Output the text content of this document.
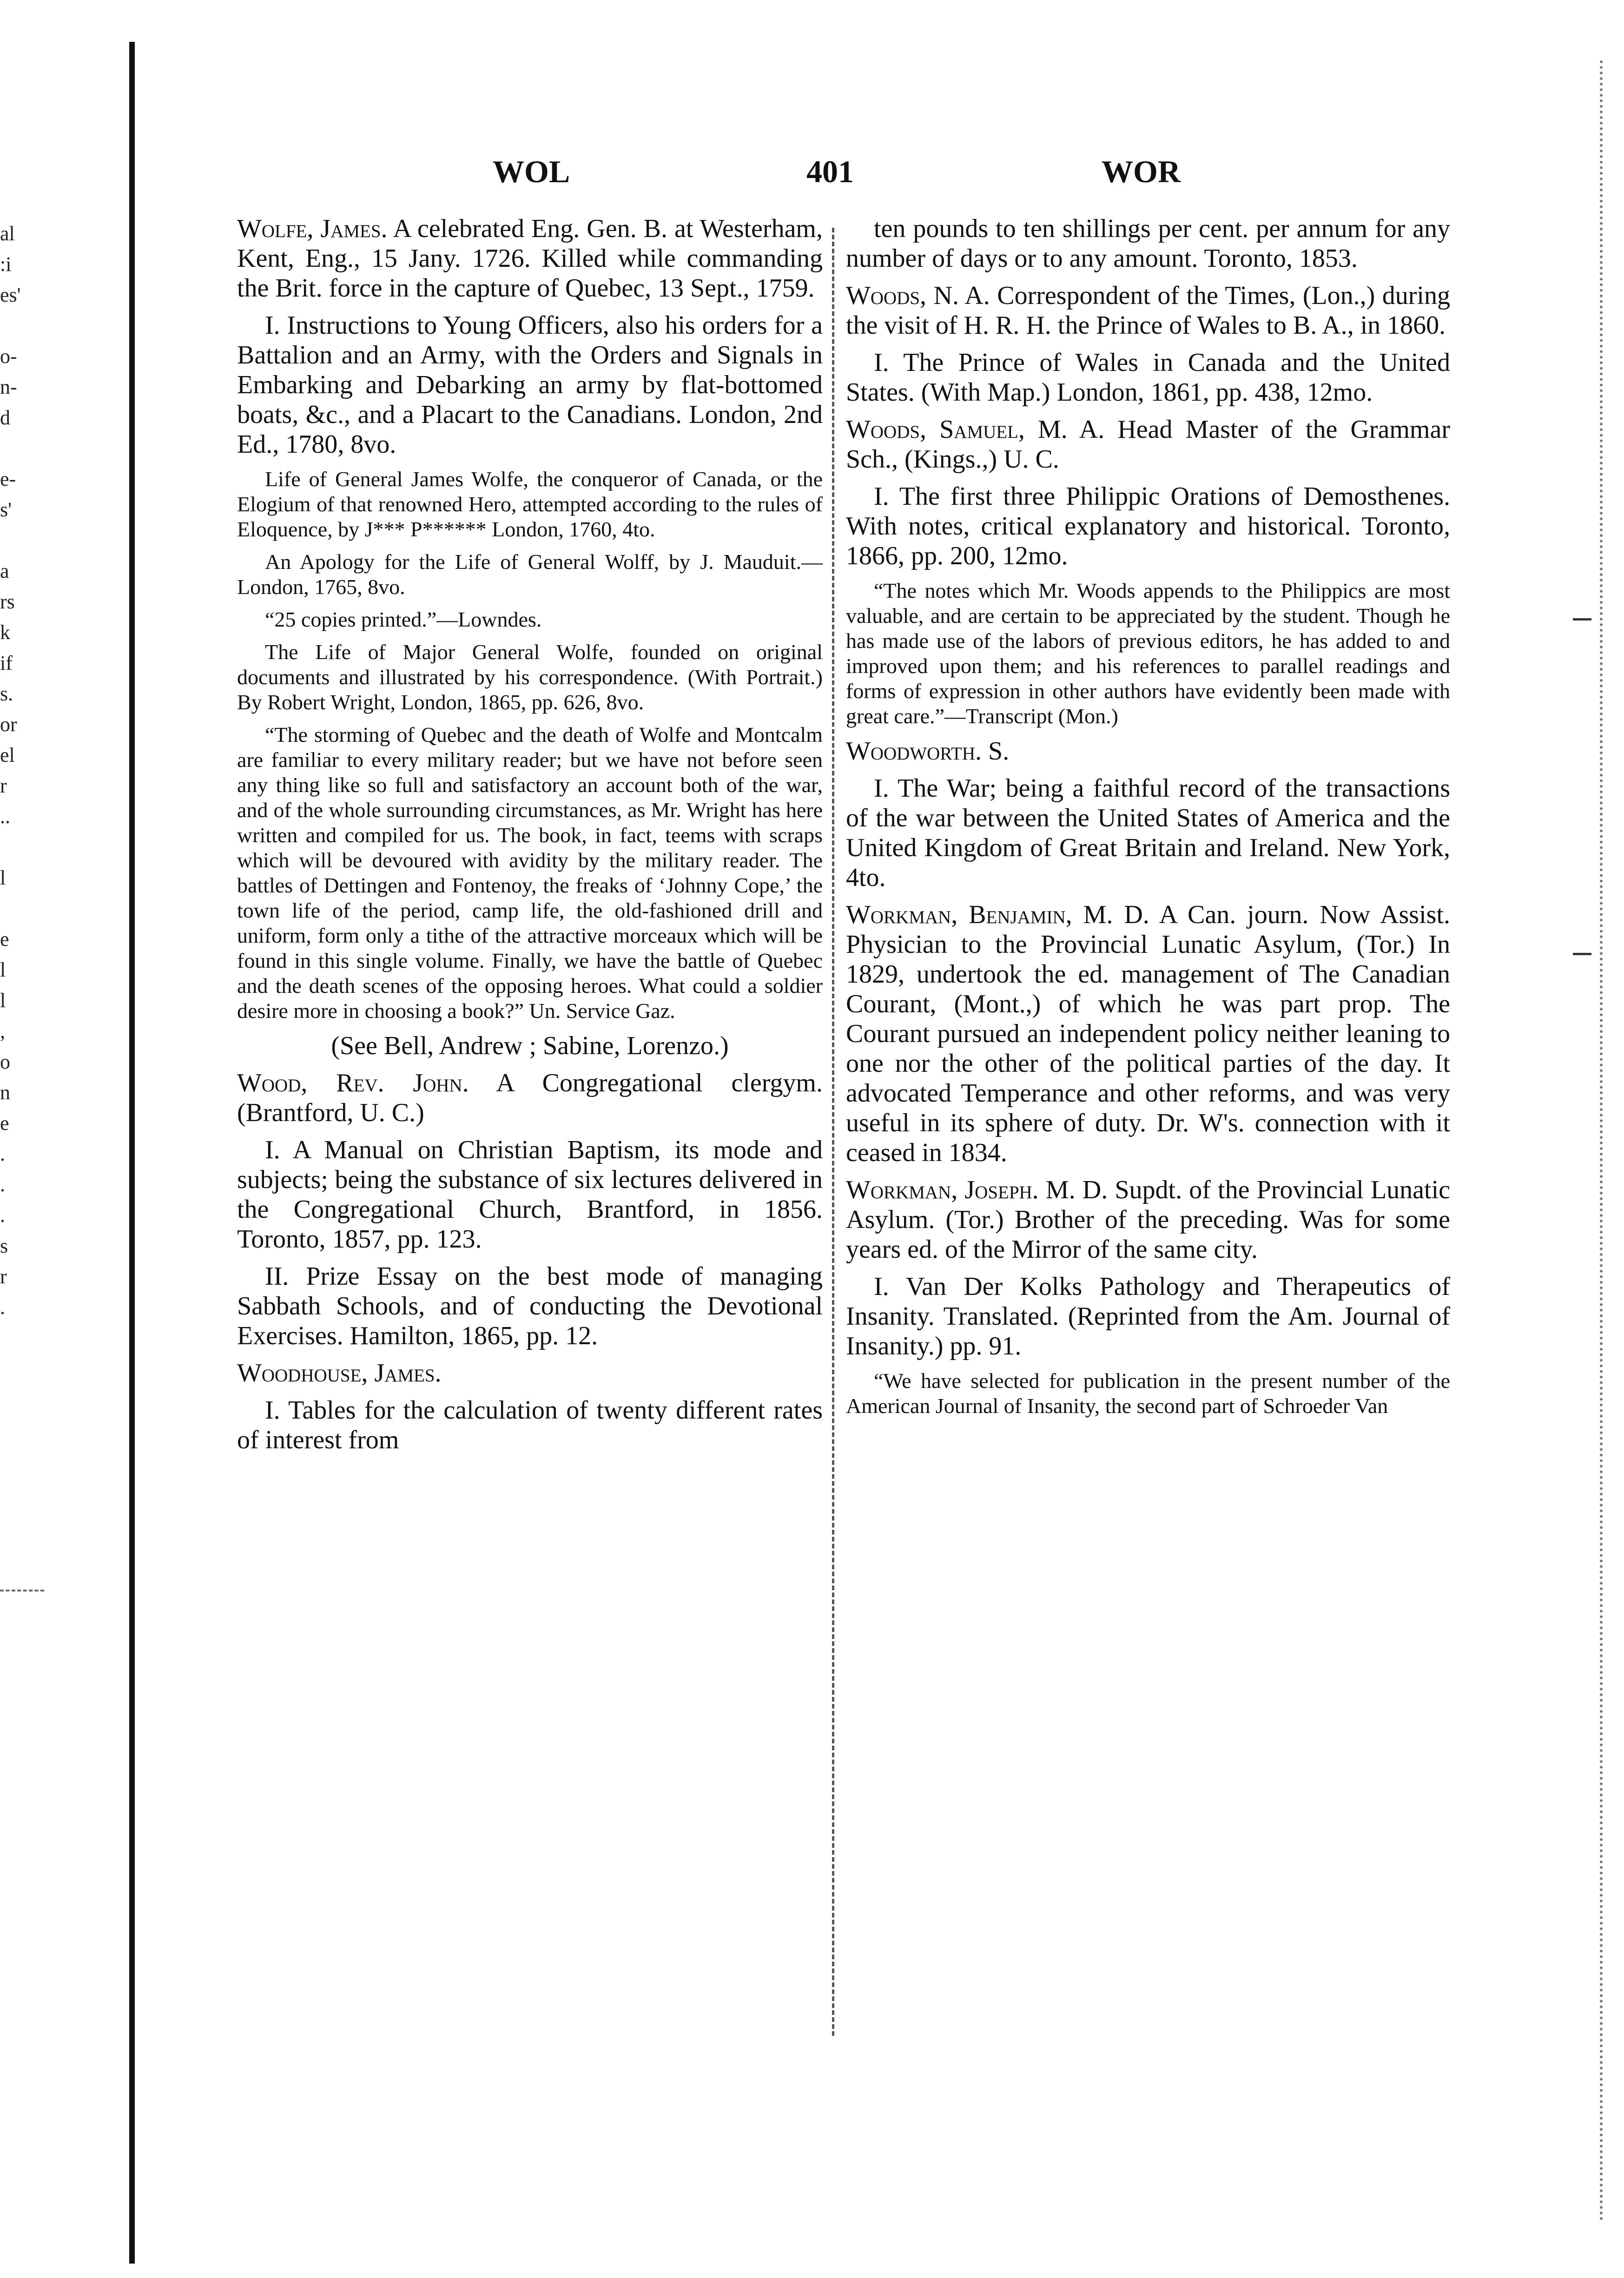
al
:i
es'

o-
n-
d

e-
s'

a
rs
k
if
s.
or
el
r
..

l

e
l
l
,
o
n
e
.
.
.
s
r
.
WOL	401	WOR

Wolfe, James. A celebrated Eng. Gen. B. at Westerham, Kent, Eng., 15 Jany. 1726. Killed while commanding the Brit. force in the capture of Quebec, 13 Sept., 1759.

I. Instructions to Young Officers, also his orders for a Battalion and an Army, with the Orders and Signals in Embarking and Debarking an army by flat-bottomed boats, &c., and a Placart to the Canadians. London, 2nd Ed., 1780, 8vo.

Life of General James Wolfe, the conqueror of Canada, or the Elogium of that renowned Hero, attempted according to the rules of Eloquence, by J*** P****** London, 1760, 4to.

An Apology for the Life of General Wolff, by J. Mauduit.—London, 1765, 8vo.

“25 copies printed.”—Lowndes.

The Life of Major General Wolfe, founded on original documents and illustrated by his correspondence. (With Portrait.) By Robert Wright, London, 1865, pp. 626, 8vo.

“The storming of Quebec and the death of Wolfe and Montcalm are familiar to every military reader; but we have not before seen any thing like so full and satisfactory an account both of the war, and of the whole surrounding circumstances, as Mr. Wright has here written and compiled for us. The book, in fact, teems with scraps which will be devoured with avidity by the military reader. The battles of Dettingen and Fontenoy, the freaks of ‘Johnny Cope,’ the town life of the period, camp life, the old-fashioned drill and uniform, form only a tithe of the attractive morceaux which will be found in this single volume. Finally, we have the battle of Quebec and the death scenes of the opposing heroes. What could a soldier desire more in choosing a book?” Un. Service Gaz.

(See Bell, Andrew ; Sabine, Lorenzo.)

Wood, Rev. John. A Congregational clergym. (Brantford, U. C.)

I. A Manual on Christian Baptism, its mode and subjects; being the substance of six lectures delivered in the Congregational Church, Brantford, in 1856. Toronto, 1857, pp. 123.

II. Prize Essay on the best mode of managing Sabbath Schools, and of conducting the Devotional Exercises. Hamilton, 1865, pp. 12.

Woodhouse, James.

I. Tables for the calculation of twenty different rates of interest from

ten pounds to ten shillings per cent. per annum for any number of days or to any amount. Toronto, 1853.

Woods, N. A. Correspondent of the Times, (Lon.,) during the visit of H. R. H. the Prince of Wales to B. A., in 1860.

I. The Prince of Wales in Canada and the United States. (With Map.) London, 1861, pp. 438, 12mo.

Woods, Samuel, M. A. Head Master of the Grammar Sch., (Kings.,) U. C.

I. The first three Philippic Orations of Demosthenes. With notes, critical explanatory and historical. Toronto, 1866, pp. 200, 12mo.

“The notes which Mr. Woods appends to the Philippics are most valuable, and are certain to be appreciated by the student. Though he has made use of the labors of previous editors, he has added to and improved upon them; and his references to parallel readings and forms of expression in other authors have evidently been made with great care.”—Transcript (Mon.)

Woodworth. S.

I. The War; being a faithful record of the transactions of the war between the United States of America and the United Kingdom of Great Britain and Ireland. New York, 4to.

Workman, Benjamin, M. D. A Can. journ. Now Assist. Physician to the Provincial Lunatic Asylum, (Tor.) In 1829, undertook the ed. management of The Canadian Courant, (Mont.,) of which he was part prop. The Courant pursued an independent policy neither leaning to one nor the other of the political parties of the day. It advocated Temperance and other reforms, and was very useful in its sphere of duty. Dr. W's. connection with it ceased in 1834.

Workman, Joseph. M. D. Supdt. of the Provincial Lunatic Asylum. (Tor.) Brother of the preceding. Was for some years ed. of the Mirror of the same city.

I. Van Der Kolks Pathology and Therapeutics of Insanity. Translated. (Reprinted from the Am. Journal of Insanity.) pp. 91.

“We have selected for publication in the present number of the American Journal of Insanity, the second part of Schroeder Van
